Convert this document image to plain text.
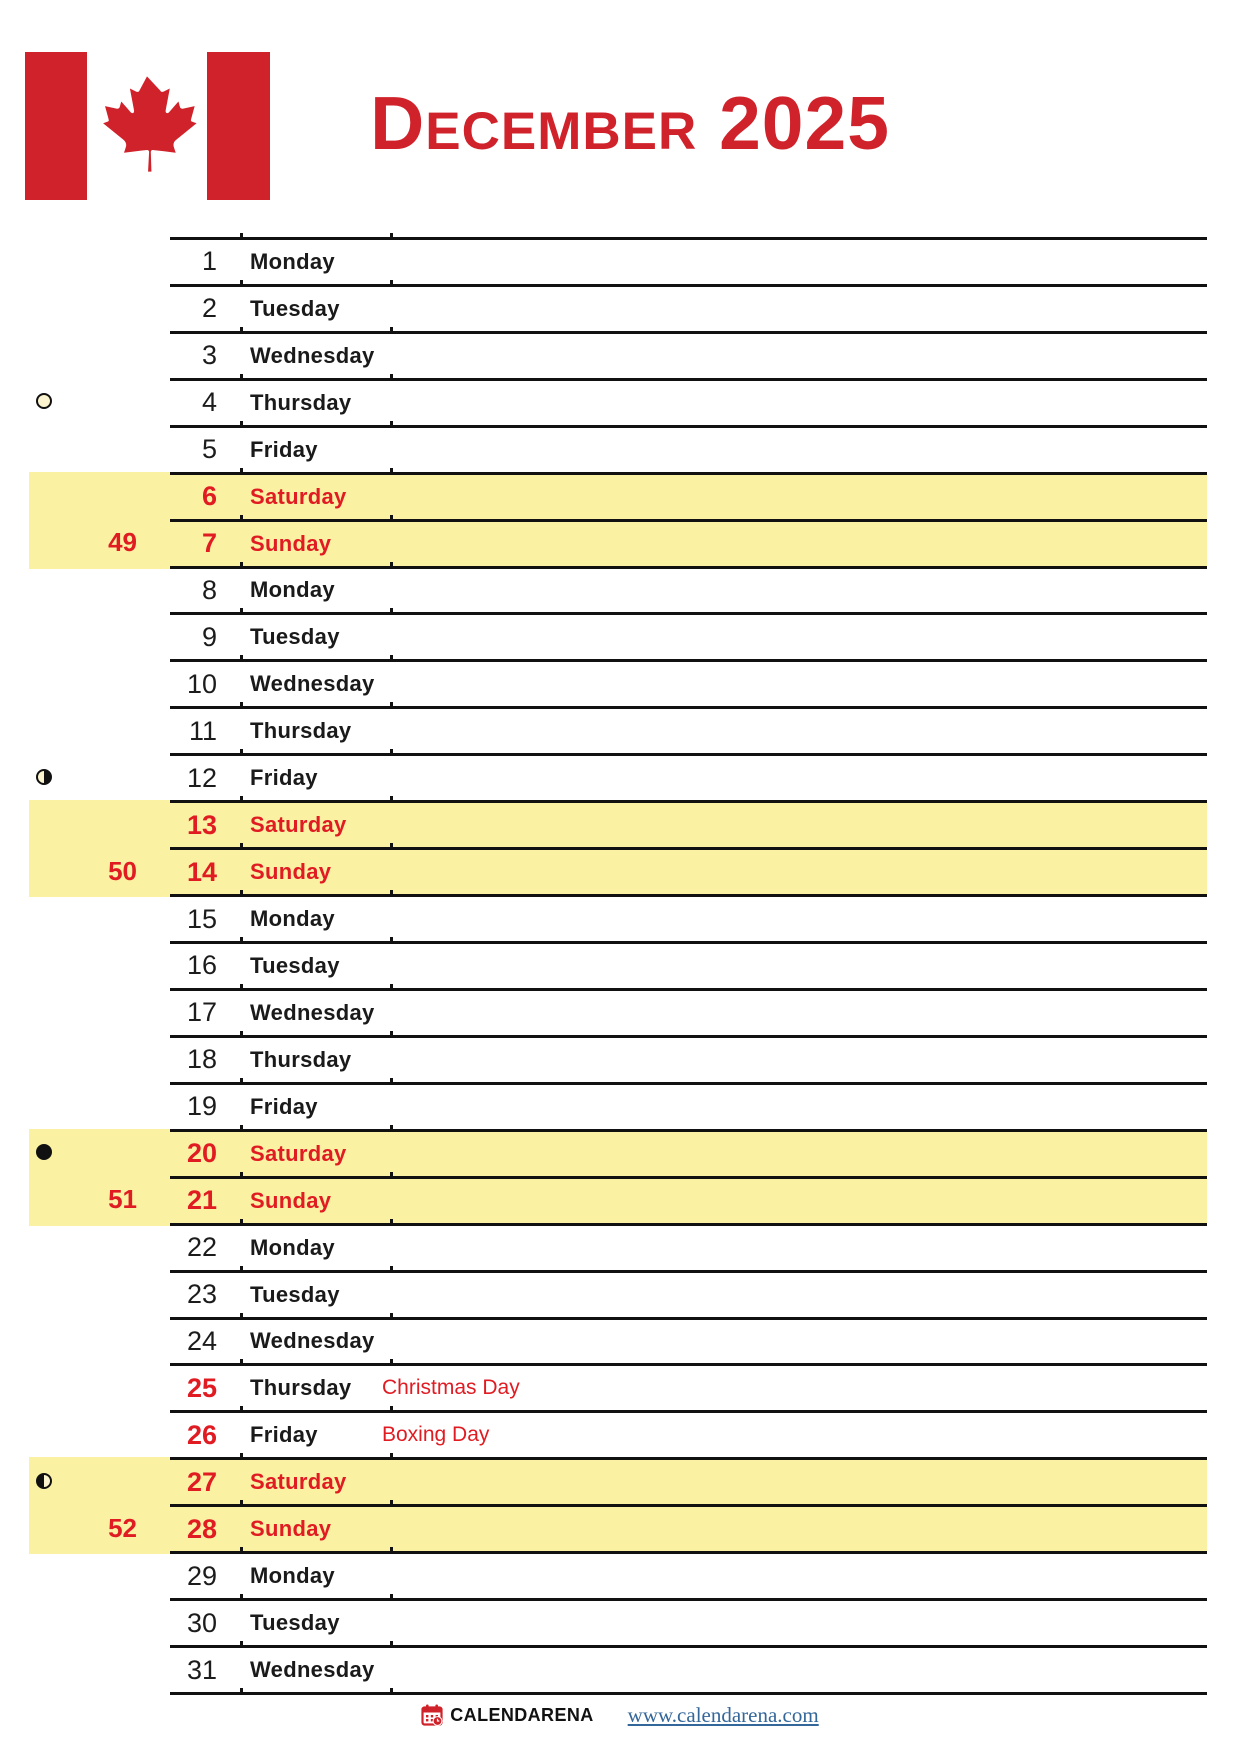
December 2025
49
50
51
52
1 Monday
2 Tuesday
3 Wednesday
4 Thursday
5 Friday
6 Saturday
7 Sunday
8 Monday
9 Tuesday
10 Wednesday
11 Thursday
12 Friday
13 Saturday
14 Sunday
15 Monday
16 Tuesday
17 Wednesday
18 Thursday
19 Friday
20 Saturday
21 Sunday
22 Monday
23 Tuesday
24 Wednesday
25 Thursday Christmas Day
26 Friday	Boxing Day
27 Saturday
28 Sunday
29 Monday
30 Tuesday
31 Wednesday
CALENDARENA www.calendarena.com
